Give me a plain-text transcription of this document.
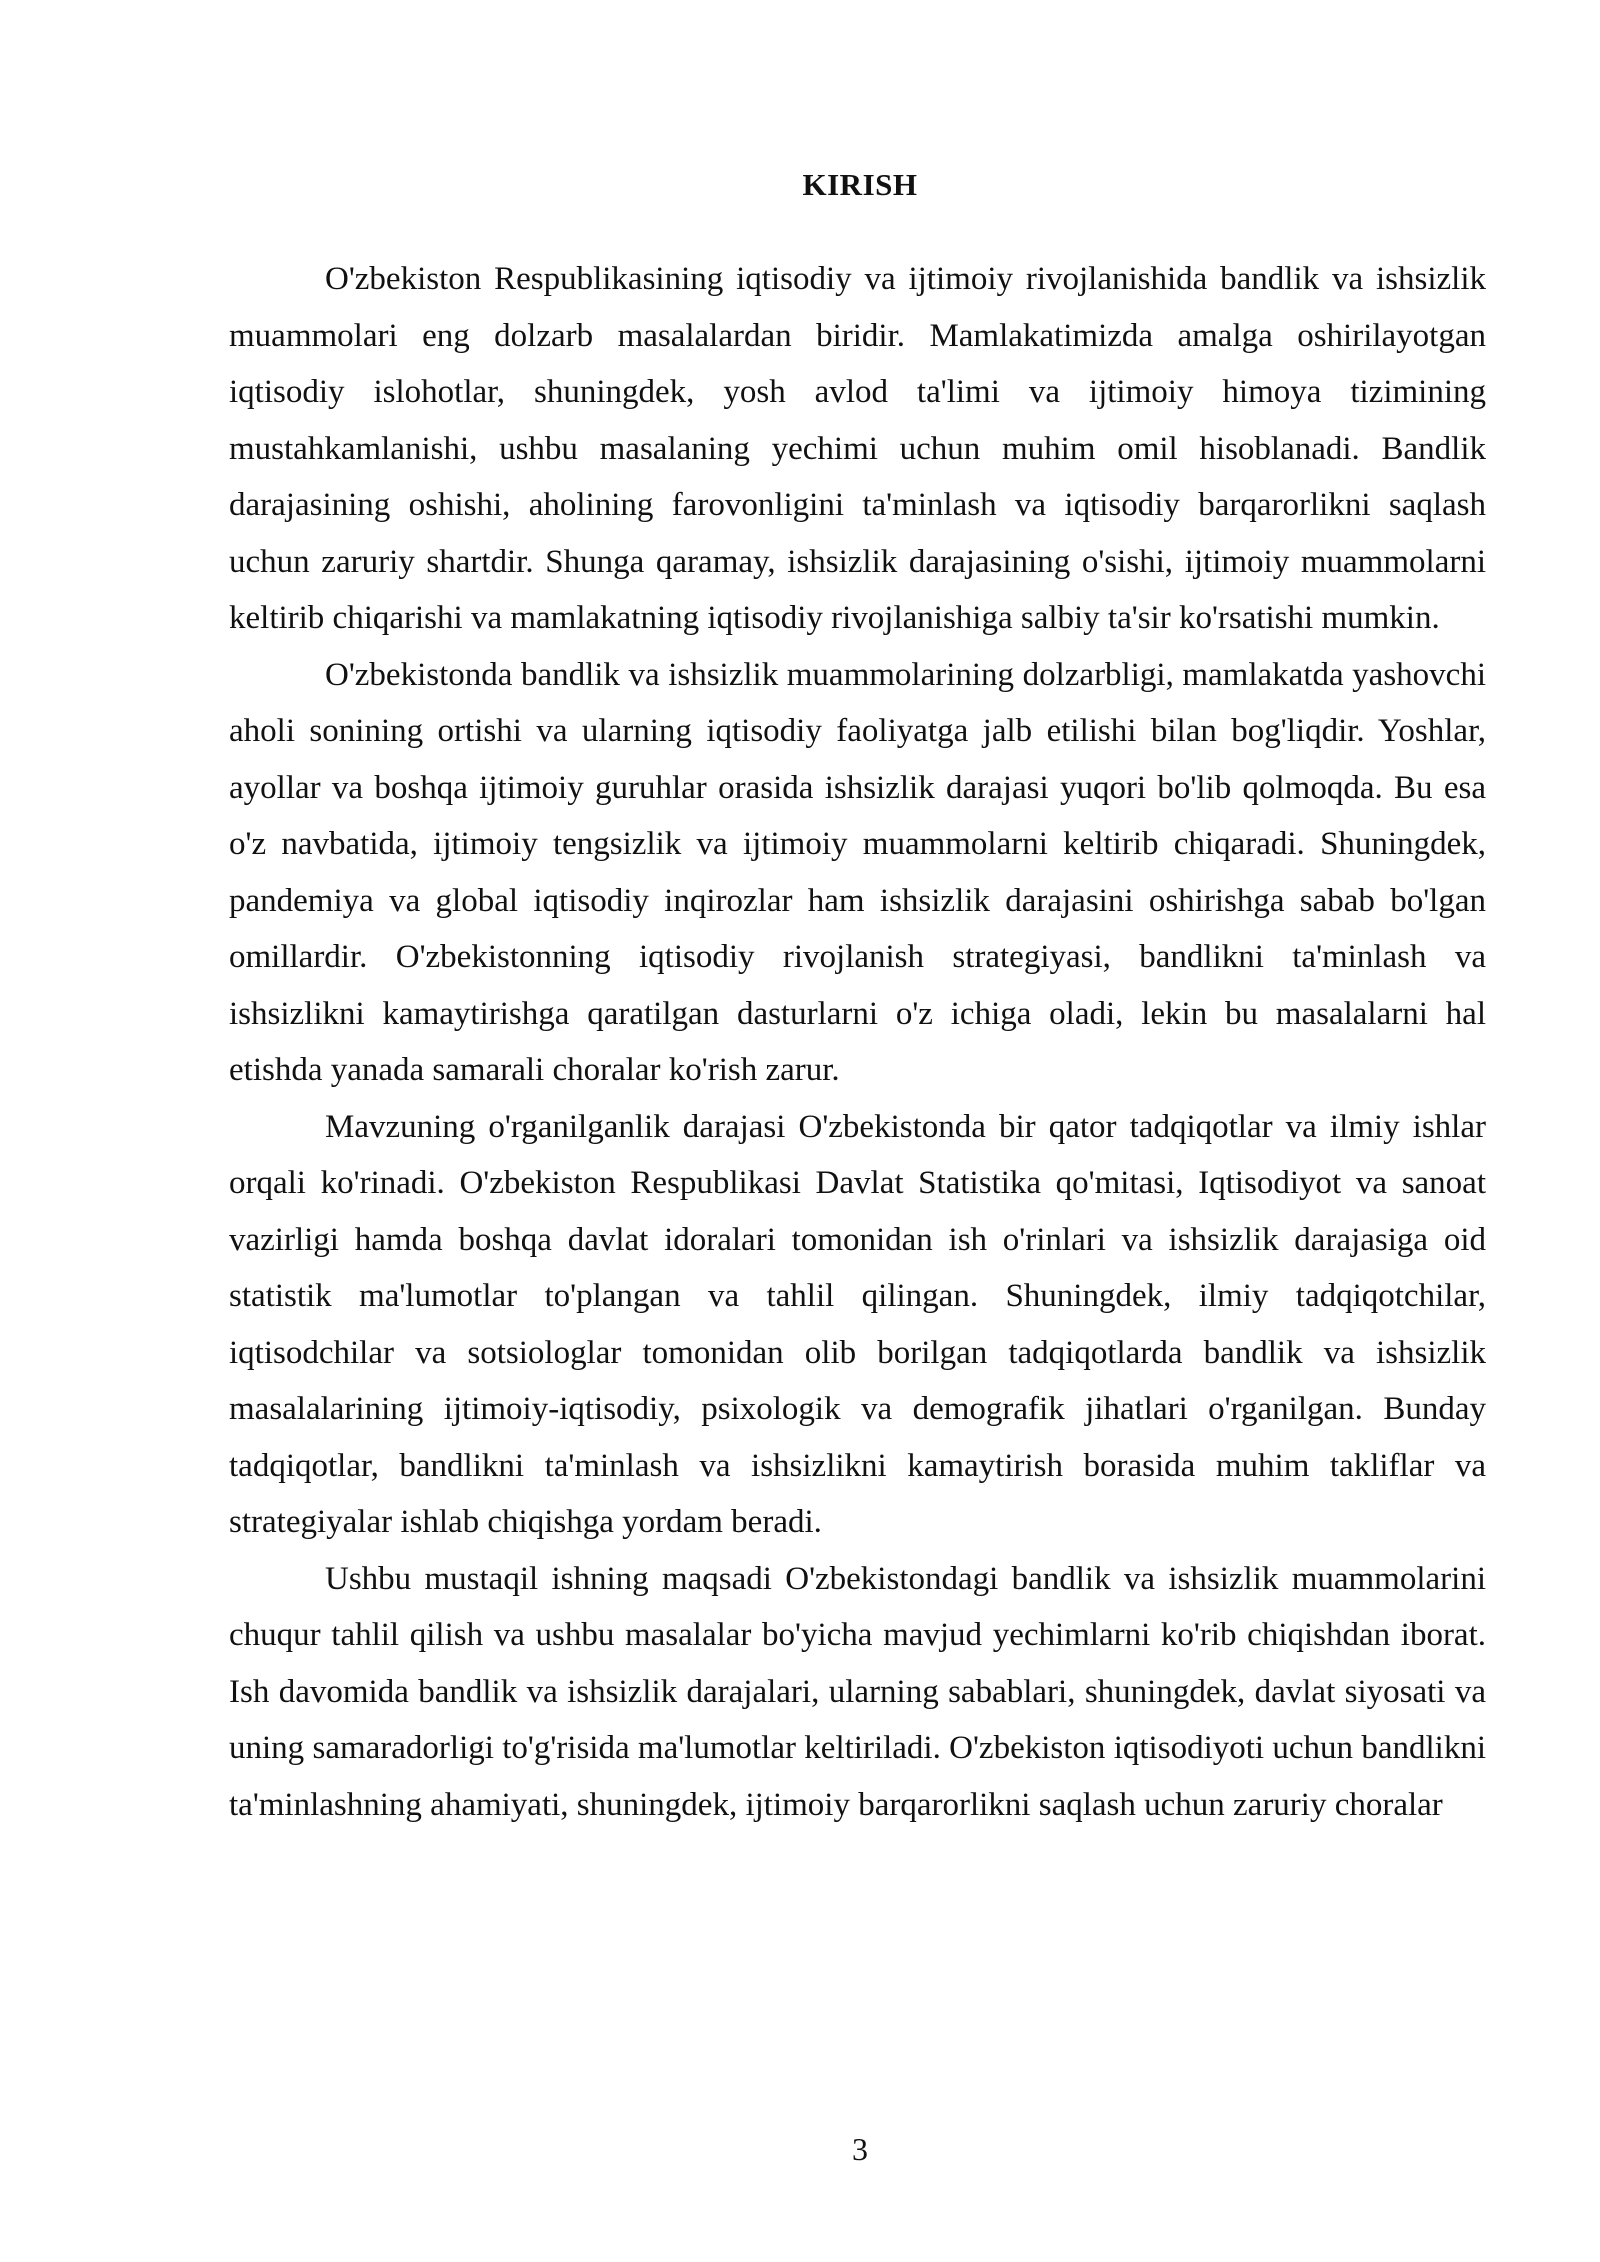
KIRISH

O'zbekiston Respublikasining iqtisodiy va ijtimoiy rivojlanishida bandlik va ishsizlik muammolari eng dolzarb masalalardan biridir. Mamlakatimizda amalga oshirilayotgan iqtisodiy islohotlar, shuningdek, yosh avlod ta'limi va ijtimoiy himoya tizimining mustahkamlanishi, ushbu masalaning yechimi uchun muhim omil hisoblanadi. Bandlik darajasining oshishi, aholining farovonligini ta'minlash va iqtisodiy barqarorlikni saqlash uchun zaruriy shartdir. Shunga qaramay, ishsizlik darajasining o'sishi, ijtimoiy muammolarni keltirib chiqarishi va mamlakatning iqtisodiy rivojlanishiga salbiy ta'sir ko'rsatishi mumkin.

O'zbekistonda bandlik va ishsizlik muammolarining dolzarbligi, mamlakatda yashovchi aholi sonining ortishi va ularning iqtisodiy faoliyatga jalb etilishi bilan bog'liqdir. Yoshlar, ayollar va boshqa ijtimoiy guruhlar orasida ishsizlik darajasi yuqori bo'lib qolmoqda. Bu esa o'z navbatida, ijtimoiy tengsizlik va ijtimoiy muammolarni keltirib chiqaradi. Shuningdek, pandemiya va global iqtisodiy inqirozlar ham ishsizlik darajasini oshirishga sabab bo'lgan omillardir. O'zbekistonning iqtisodiy rivojlanish strategiyasi, bandlikni ta'minlash va ishsizlikni kamaytirishga qaratilgan dasturlarni o'z ichiga oladi, lekin bu masalalarni hal etishda yanada samarali choralar ko'rish zarur.

Mavzuning o'rganilganlik darajasi O'zbekistonda bir qator tadqiqotlar va ilmiy ishlar orqali ko'rinadi. O'zbekiston Respublikasi Davlat Statistika qo'mitasi, Iqtisodiyot va sanoat vazirligi hamda boshqa davlat idoralari tomonidan ish o'rinlari va ishsizlik darajasiga oid statistik ma'lumotlar to'plangan va tahlil qilingan. Shuningdek, ilmiy tadqiqotchilar, iqtisodchilar va sotsiologlar tomonidan olib borilgan tadqiqotlarda bandlik va ishsizlik masalalarining ijtimoiy-iqtisodiy, psixologik va demografik jihatlari o'rganilgan. Bunday tadqiqotlar, bandlikni ta'minlash va ishsizlikni kamaytirish borasida muhim takliflar va strategiyalar ishlab chiqishga yordam beradi.

Ushbu mustaqil ishning maqsadi O'zbekistondagi bandlik va ishsizlik muammolarini chuqur tahlil qilish va ushbu masalalar bo'yicha mavjud yechimlarni ko'rib chiqishdan iborat. Ish davomida bandlik va ishsizlik darajalari, ularning sabablari, shuningdek, davlat siyosati va uning samaradorligi to'g'risida ma'lumotlar keltiriladi. O'zbekiston iqtisodiyoti uchun bandlikni ta'minlashning ahamiyati, shuningdek, ijtimoiy barqarorlikni saqlash uchun zaruriy choralar

3
